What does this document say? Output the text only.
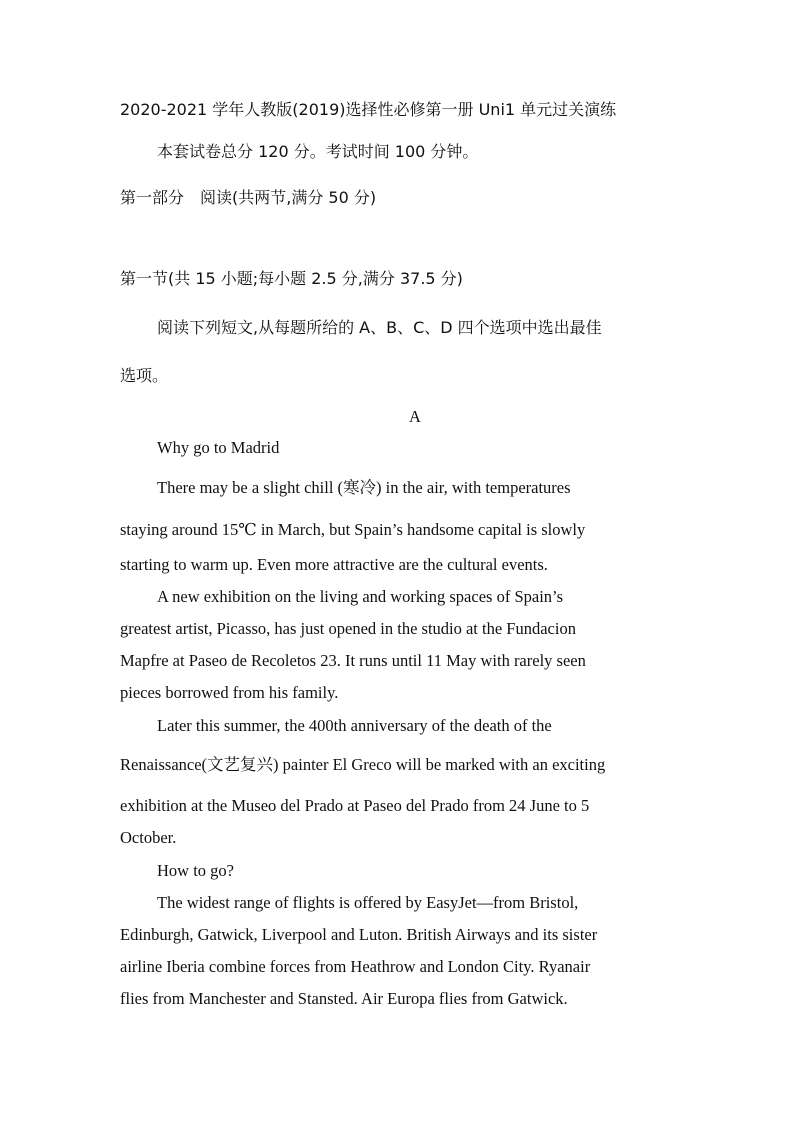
2020-2021 学年人教版(2019)选择性必修第一册 Uni1 单元过关演练
本套试卷总分 120 分。考试时间 100 分钟。
第一部分　阅读(共两节,满分 50 分)
第一节(共 15 小题;每小题 2.5 分,满分 37.5 分)
阅读下列短文,从每题所给的 A、B、C、D 四个选项中选出最佳
选项。
A
Why go to Madrid
There may be a slight chill (寒冷) in the air, with temperatures
staying around 15℃ in March, but Spain’s handsome capital is slowly
starting to warm up. Even more attractive are the cultural events.
A new exhibition on the living and working spaces of Spain’s
greatest artist, Picasso, has just opened in the studio at the Fundacion
Mapfre at Paseo de Recoletos 23. It runs until 11 May with rarely seen
pieces borrowed from his family.
Later this summer, the 400th anniversary of the death of the
Renaissance(文艺复兴) painter El Greco will be marked with an exciting
exhibition at the Museo del Prado at Paseo del Prado from 24 June to 5
October.
How to go?
The widest range of flights is offered by EasyJet—from Bristol,
Edinburgh, Gatwick, Liverpool and Luton. British Airways and its sister
airline Iberia combine forces from Heathrow and London City. Ryanair
flies from Manchester and Stansted. Air Europa flies from Gatwick.
